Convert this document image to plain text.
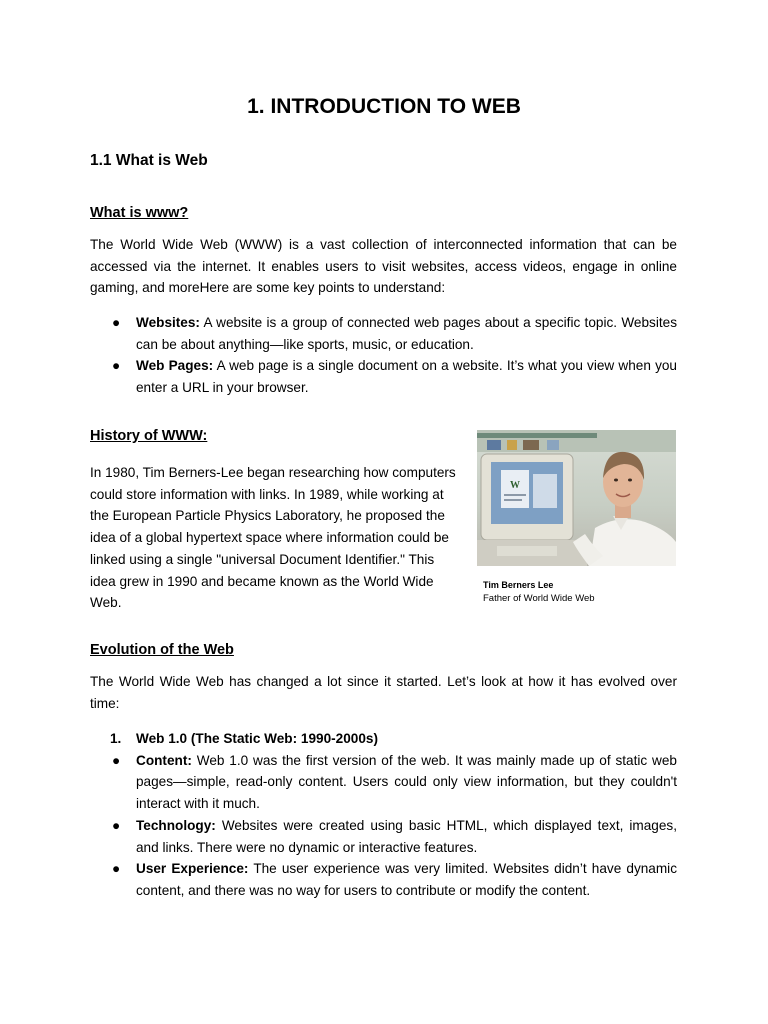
1. INTRODUCTION TO WEB
1.1 What is Web
What is www?

The World Wide Web (WWW) is a vast collection of interconnected information that can be accessed via the internet. It enables users to visit websites, access videos, engage in online gaming, and moreHere are some key points to understand:

● Websites: A website is a group of connected web pages about a specific topic. Websites can be about anything—like sports, music, or education.
● Web Pages: A web page is a single document on a website. It’s what you view when you enter a URL in your browser.
History of WWW:

In 1980, Tim Berners-Lee began researching how computers could store information with links. In 1989, while working at the European Particle Physics Laboratory, he proposed the idea of a global hypertext space where information could be linked using a single "universal Document Identifier." This idea grew in 1990 and became known as the World Wide Web.

W
Tim Berners Lee
Father of World Wide Web
Evolution of the Web

The World Wide Web has changed a lot since it started. Let’s look at how it has evolved over time:

1. Web 1.0 (The Static Web: 1990-2000s)
● Content: Web 1.0 was the first version of the web. It was mainly made up of static web pages—simple, read-only content. Users could only view information, but they couldn't interact with it much.
● Technology: Websites were created using basic HTML, which displayed text, images, and links. There were no dynamic or interactive features.
● User Experience: The user experience was very limited. Websites didn’t have dynamic content, and there was no way for users to contribute or modify the content.
